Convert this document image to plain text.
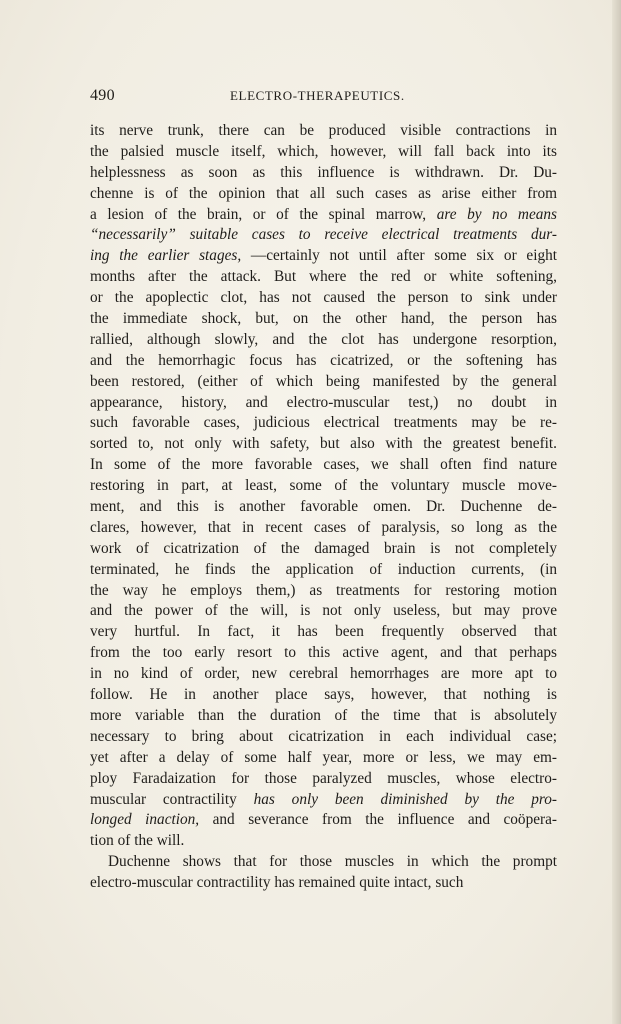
490	ELECTRO-THERAPEUTICS.
its nerve trunk, there can be produced visible contractions in
the palsied muscle itself, which, however, will fall back into its
helplessness as soon as this influence is withdrawn. Dr. Du-
chenne is of the opinion that all such cases as arise either from
a lesion of the brain, or of the spinal marrow, are by no means
“necessarily” suitable cases to receive electrical treatments dur-
ing the earlier stages, —certainly not until after some six or eight
months after the attack. But where the red or white softening,
or the apoplectic clot, has not caused the person to sink under
the immediate shock, but, on the other hand, the person has
rallied, although slowly, and the clot has undergone resorption,
and the hemorrhagic focus has cicatrized, or the softening has
been restored, (either of which being manifested by the general
appearance, history, and electro-muscular test,) no doubt in
such favorable cases, judicious electrical treatments may be re-
sorted to, not only with safety, but also with the greatest benefit.
In some of the more favorable cases, we shall often find nature
restoring in part, at least, some of the voluntary muscle move-
ment, and this is another favorable omen. Dr. Duchenne de-
clares, however, that in recent cases of paralysis, so long as the
work of cicatrization of the damaged brain is not completely
terminated, he finds the application of induction currents, (in
the way he employs them,) as treatments for restoring motion
and the power of the will, is not only useless, but may prove
very hurtful. In fact, it has been frequently observed that
from the too early resort to this active agent, and that perhaps
in no kind of order, new cerebral hemorrhages are more apt to
follow. He in another place says, however, that nothing is
more variable than the duration of the time that is absolutely
necessary to bring about cicatrization in each individual case;
yet after a delay of some half year, more or less, we may em-
ploy Faradaization for those paralyzed muscles, whose electro-
muscular contractility has only been diminished by the pro-
longed inaction, and severance from the influence and coöpera-
tion of the will.
Duchenne shows that for those muscles in which the prompt
electro-muscular contractility has remained quite intact, such
